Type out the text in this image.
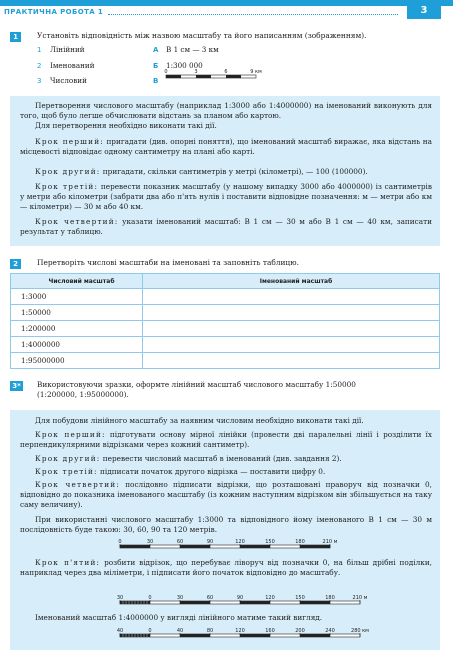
ПРАКТИЧНА РОБОТА 1	3
1	Установіть відповідність між назвою масштабу та його написанням (зображенням).
1 Лінійний	А В 1 см — 3 км
2 Іменований	Б 1:300 000
3 Числовий	В
0	3	6	9 км
Перетворення числового масштабу (наприклад 1:3000 або 1:4000000) на іменований виконують для того, щоб було легше обчислювати відстань за планом або картою.
Для перетворення необхідно виконати такі дії.
Крок перший: пригадати (див. опорні поняття), що іменований масштаб виражає, яка відстань на місцевості відповідає одному сантиметру на плані або карті.
Крок другий: пригадати, скільки сантиметрів у метрі (кілометрі), — 100 (100000).
Крок третій: перевести показник масштабу (у нашому випадку 3000 або 4000000) із сантиметрів у метри або кілометри (забрати два або п'ять нулів і поставити відповідне позначення: м — метри або км — кілометри) — 30 м або 40 км.
Крок четвертий: указати іменований масштаб: В 1 см — 30 м або В 1 см — 40 км, записати результат у таблицю.
2	Перетворіть числові масштаби на іменовані та заповніть таблицю.
Числовий масштаб	Іменований масштаб
1:3000	
1:50000	
1:200000	
1:4000000	
1:95000000	
3*	Використовуючи зразки, оформте лінійний масштаб числового масштабу 1:50000
(1:200000, 1:95000000).
Для побудови лінійного масштабу за наявним числовим необхідно виконати такі дії.
Крок перший: підготувати основу мірної лінійки (провести дві паралельні лінії і розділити їх перпендикулярними відрізками через кожний сантиметр).
Крок другий: перевести числовий масштаб в іменований (див. завдання 2).
Крок третій: підписати початок другого відрізка — поставити цифру 0.
Крок четвертий: послідовно підписати відрізки, що розташовані праворуч від позначки 0, відповідно до показника іменованого масштабу (із кожним наступним відрізком він збільшується на таку саму величину).
При використанні числового масштабу 1:3000 та відповідного йому іменованого В 1 см — 30 м послідовність буде такою: 30, 60, 90 та 120 метрів.
0	30	60	90	120	150	180	210 м
Крок п'ятий: розбити відрізок, що перебуває ліворуч від позначки 0, на більш дрібні поділки, наприклад через два міліметри, і підписати його початок відповідно до масштабу.
30	0	30	60	90	120	150	180	210 м
Іменований масштаб 1:4000000 у вигляді лінійного матиме такий вигляд.
40	0	40	80	120	160	200	240	280 км
